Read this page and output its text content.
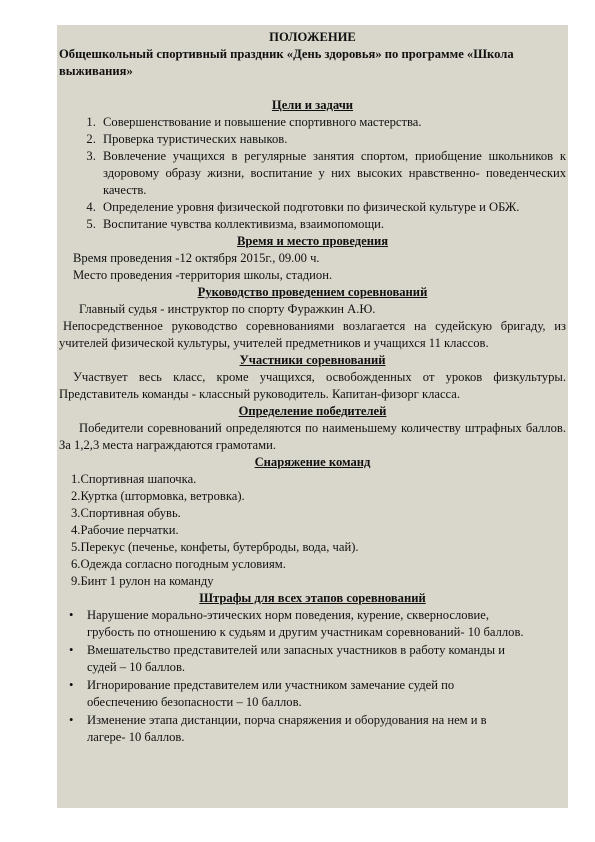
ПОЛОЖЕНИЕ

Общешкольный спортивный праздник «День здоровья» по программе «Школа выживания»

Цели и задачи

1. Совершенствование и повышение спортивного мастерства.
2. Проверка туристических навыков.
3. Вовлечение учащихся в регулярные занятия спортом, приобщение школьников к здоровому образу жизни, воспитание у них высоких нравственно- поведенческих качеств.
4. Определение уровня физической подготовки по физической культуре и ОБЖ.
5. Воспитание чувства коллективизма, взаимопомощи.

Время и место проведения

Время проведения -12 октября 2015г., 09.00 ч.

Место проведения -территория школы, стадион.

Руководство проведением соревнований

Главный судья - инструктор по спорту Фуражкин А.Ю.

Непосредственное руководство соревнованиями возлагается на судейскую бригаду, из учителей физической культуры, учителей предметников и учащихся 11 классов.

Участники соревнований

Участвует весь класс, кроме учащихся, освобожденных от уроков физкультуры. Представитель команды - классный руководитель. Капитан-физорг класса.

Определение победителей

Победители соревнований определяются по наименьшему количеству штрафных баллов. За 1,2,3 места награждаются грамотами.

Снаряжение команд

1.Спортивная шапочка.
2.Куртка (штормовка, ветровка).
3.Спортивная обувь.
4.Рабочие перчатки.
5.Перекус (печенье, конфеты, бутерброды, вода, чай).
6.Одежда согласно погодным условиям.
9.Бинт 1 рулон на команду

Штрафы для всех этапов соревнований

• Нарушение морально-этических норм поведения, курение, сквернословие, грубость по отношению к судьям и другим участникам соревнований- 10 баллов.
• Вмешательство представителей или запасных участников в работу команды и судей – 10 баллов.
• Игнорирование представителем или участником замечание судей по обеспечению безопасности – 10 баллов.
• Изменение этапа дистанции, порча снаряжения и оборудования на нем и в лагере- 10 баллов.
